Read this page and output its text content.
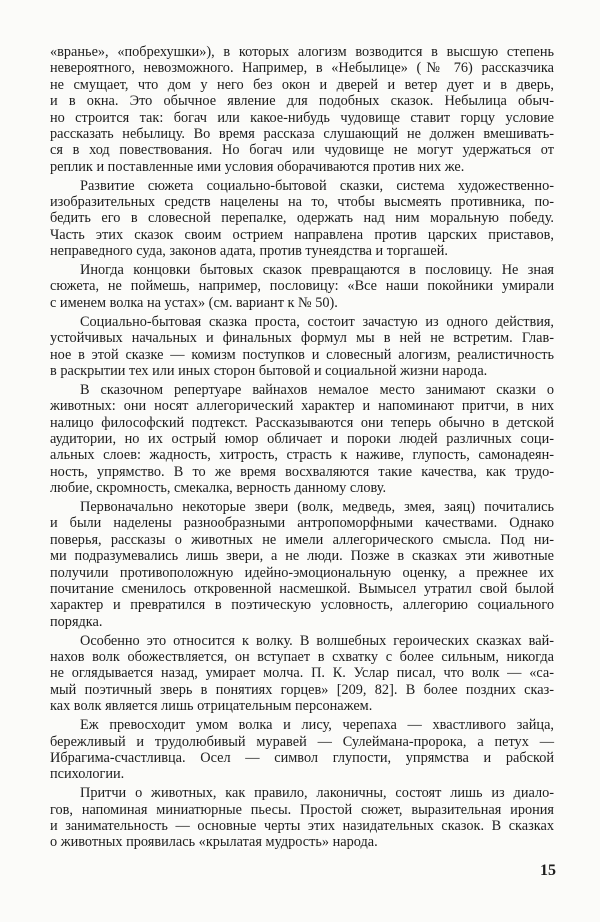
«вранье», «побрехушки»), в которых алогизм возводится в высшую степень
невероятного, невозможного. Например, в «Небылице» (№ 76) рассказчика
не смущает, что дом у него без окон и дверей и ветер дует и в дверь,
и в окна. Это обычное явление для подобных сказок. Небылица обыч-
но строится так: богач или какое-нибудь чудовище ставит горцу условие
рассказать небылицу. Во время рассказа слушающий не должен вмешивать-
ся в ход повествования. Но богач или чудовище не могут удержаться от
реплик и поставленные ими условия оборачиваются против них же.
Развитие сюжета социально-бытовой сказки, система художественно-
изобразительных средств нацелены на то, чтобы высмеять противника, по-
бедить его в словесной перепалке, одержать над ним моральную победу.
Часть этих сказок своим острием направлена против царских приставов,
неправедного суда, законов адата, против тунеядства и торгашей.
Иногда концовки бытовых сказок превращаются в пословицу. Не зная
сюжета, не поймешь, например, пословицу: «Все наши покойники умирали
с именем волка на устах» (см. вариант к № 50).
Социально-бытовая сказка проста, состоит зачастую из одного действия,
устойчивых начальных и финальных формул мы в ней не встретим. Глав-
ное в этой сказке — комизм поступков и словесный алогизм, реалистичность
в раскрытии тех или иных сторон бытовой и социальной жизни народа.
В сказочном репертуаре вайнахов немалое место занимают сказки о
животных: они носят аллегорический характер и напоминают притчи, в них
налицо философский подтекст. Рассказываются они теперь обычно в детской
аудитории, но их острый юмор обличает и пороки людей различных соци-
альных слоев: жадность, хитрость, страсть к наживе, глупость, самонадеян-
ность, упрямство. В то же время восхваляются такие качества, как трудо-
любие, скромность, смекалка, верность данному слову.
Первоначально некоторые звери (волк, медведь, змея, заяц) почитались
и были наделены разнообразными антропоморфными качествами. Однако
поверья, рассказы о животных не имели аллегорического смысла. Под ни-
ми подразумевались лишь звери, а не люди. Позже в сказках эти животные
получили противоположную идейно-эмоциональную оценку, а прежнее их
почитание сменилось откровенной насмешкой. Вымысел утратил свой былой
характер и превратился в поэтическую условность, аллегорию социального
порядка.
Особенно это относится к волку. В волшебных героических сказках вай-
нахов волк обожествляется, он вступает в схватку с более сильным, никогда
не оглядывается назад, умирает молча. П. К. Услар писал, что волк — «са-
мый поэтичный зверь в понятиях горцев» [209, 82]. В более поздних сказ-
ках волк является лишь отрицательным персонажем.
Еж превосходит умом волка и лису, черепаха — хвастливого зайца,
бережливый и трудолюбивый муравей — Сулеймана-пророка, а петух —
Ибрагима-счастливца. Осел — символ глупости, упрямства и рабской
психологии.
Притчи о животных, как правило, лаконичны, состоят лишь из диало-
гов, напоминая миниатюрные пьесы. Простой сюжет, выразительная ирония
и занимательность — основные черты этих назидательных сказок. В сказках
о животных проявилась «крылатая мудрость» народа.
15
